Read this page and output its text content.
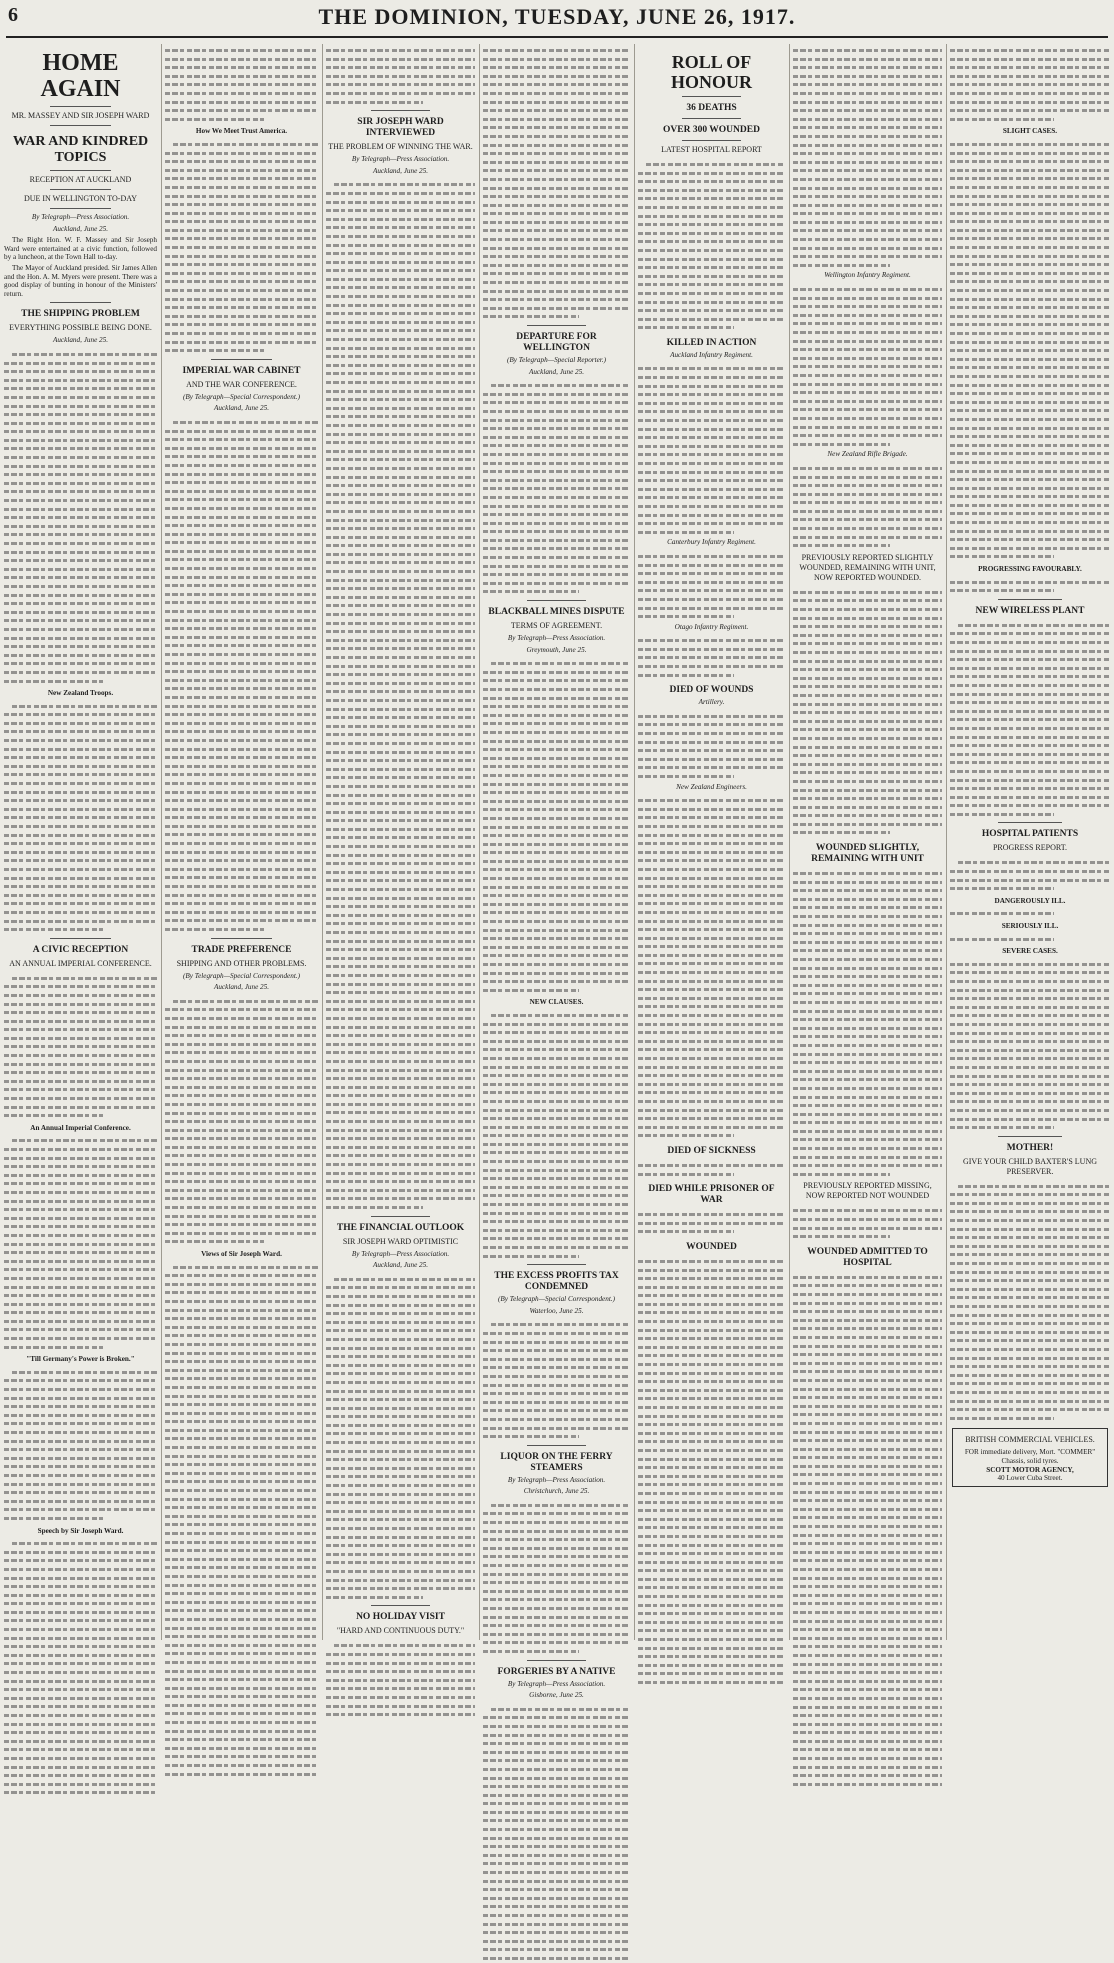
6	THE DOMINION, TUESDAY, JUNE 26, 1917.
HOME AGAIN
MR. MASSEY AND SIR JOSEPH WARD
WAR AND KINDRED TOPICS
RECEPTION AT AUCKLAND
DUE IN WELLINGTON TO-DAY
By Telegraph—Press Association.
Auckland, June 25.

The Right Hon. W. F. Massey and Sir Joseph Ward were entertained at a civic function, followed by a luncheon, at the Town Hall to-day.

The Mayor of Auckland presided. Sir James Allen and the Hon. A. M. Myers were present. There was a good display of bunting in honour of the Ministers' return.

THE SHIPPING PROBLEM
EVERYTHING POSSIBLE BEING DONE.
Auckland, June 25.
New Zealand Troops.
A CIVIC RECEPTION
AN ANNUAL IMPERIAL CONFERENCE.
An Annual Imperial Conference.
"Till Germany's Power is Broken."
Speech by Sir Joseph Ward.
How We Meet Trust America.
IMPERIAL WAR CABINET
AND THE WAR CONFERENCE.
(By Telegraph—Special Correspondent.)
Auckland, June 25.
TRADE PREFERENCE
SHIPPING AND OTHER PROBLEMS.
(By Telegraph—Special Correspondent.)
Auckland, June 25.
Views of Sir Joseph Ward.
SIR JOSEPH WARD INTERVIEWED
THE PROBLEM OF WINNING THE WAR.
By Telegraph—Press Association.
Auckland, June 25.
THE FINANCIAL OUTLOOK
SIR JOSEPH WARD OPTIMISTIC
By Telegraph—Press Association.
Auckland, June 25.
NO HOLIDAY VISIT
"HARD AND CONTINUOUS DUTY."
DEPARTURE FOR WELLINGTON
(By Telegraph—Special Reporter.)
Auckland, June 25.
BLACKBALL MINES DISPUTE
TERMS OF AGREEMENT.
By Telegraph—Press Association.
Greymouth, June 25.
NEW CLAUSES.
THE EXCESS PROFITS TAX CONDEMNED
(By Telegraph—Special Correspondent.)
Waterloo, June 25.
LIQUOR ON THE FERRY STEAMERS
By Telegraph—Press Association.
Christchurch, June 25.
FORGERIES BY A NATIVE
By Telegraph—Press Association.
Gisborne, June 25.
ROLL OF HONOUR
36 DEATHS
OVER 300 WOUNDED
LATEST HOSPITAL REPORT
KILLED IN ACTION
Auckland Infantry Regiment.
Canterbury Infantry Regiment.
Otago Infantry Regiment.
DIED OF WOUNDS
Artillery.
New Zealand Engineers.
DIED OF SICKNESS
DIED WHILE PRISONER OF WAR
WOUNDED
Wellington Infantry Regiment.
New Zealand Rifle Brigade.
PREVIOUSLY REPORTED SLIGHTLY WOUNDED, REMAINING WITH UNIT, NOW REPORTED WOUNDED.
WOUNDED SLIGHTLY, REMAINING WITH UNIT
PREVIOUSLY REPORTED MISSING, NOW REPORTED NOT WOUNDED
WOUNDED ADMITTED TO HOSPITAL
SLIGHT CASES.
PROGRESSING FAVOURABLY.
NEW WIRELESS PLANT
HOSPITAL PATIENTS
PROGRESS REPORT.
DANGEROUSLY ILL.
SERIOUSLY ILL.
SEVERE CASES.
MOTHER!
GIVE YOUR CHILD BAXTER'S LUNG PRESERVER.
BRITISH COMMERCIAL VEHICLES.
FOR immediate delivery, Mort. "COMMER" Chassis, solid tyres.
SCOTT MOTOR AGENCY,
40 Lower Cuba Street.
